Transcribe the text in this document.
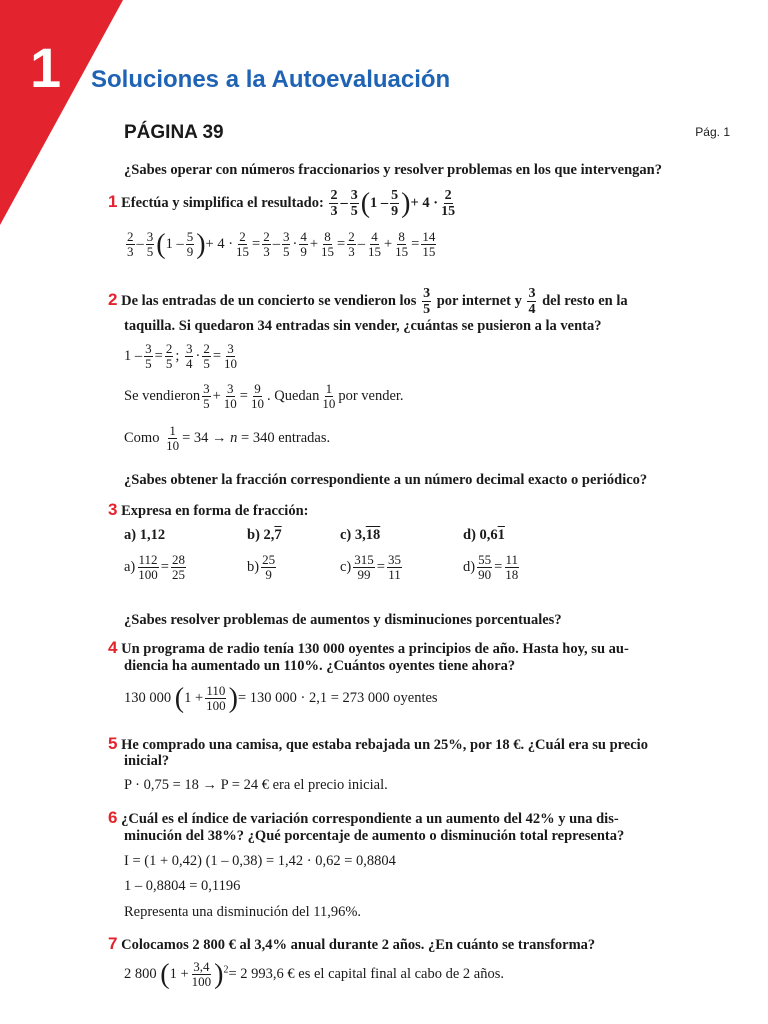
1 Soluciones a la Autoevaluación
PÁGINA 39	Pág. 1
¿Sabes operar con números fraccionarios y resolver problemas en los que intervengan?
1 Efectúa y simplifica el resultado: $\frac{2}{3} - \frac{3}{5} (1 - \frac{5}{9}$ )+ $4 \cdot \frac{2}{15}$
$\frac{2}{3} - \frac{3}{5} (1 - \frac{5}{9}$ )+ $4 \cdot \frac{2}{15} = \frac{2}{3} - \frac{3}{5} \cdot \frac{4}{9} + \frac{8}{15} = \frac{2}{3} - \frac{4}{15} + \frac{8}{15} = \frac{14}{15}$
2 De las entradas de un concierto se vendieron los $\frac{3}{5}$ por internet y $\frac{3}{4}$ del resto en la
taquilla. Si quedaron 34 entradas sin vender, ¿cuántas se pusieron a la venta?
$1 - \frac{3}{5} = \frac{2}{5}$ ; $\frac{3}{4} \cdot \frac{2}{5} = \frac{3}{10}$
Se vendieron $\frac{3}{5} + \frac{3}{10} = \frac{9}{10}$ . Quedan $\frac{1}{10}$ por vender.
Como $\frac{1}{10} = 34 \to n = 340$ entradas.
¿Sabes obtener la fracción correspondiente a un número decimal exacto o periódico?
3 Expresa en forma de fracción:
a) 1,12	b) 2,7	c) 3,18	d) 0,61
$a) \frac{112}{100} = \frac{28}{25}$	$b) \frac{25}{9}$	$c) \frac{315}{99} = \frac{35}{11}$	$d) \frac{55}{90} = \frac{11}{18}$
¿Sabes resolver problemas de aumentos y disminuciones porcentuales?
4 Un programa de radio tenía 130 000 oyentes a principios de año. Hasta hoy, su au-
diencia ha aumentado un 110%. ¿Cuántos oyentes tiene ahora?
130 000 ($1 + \frac{110}{100}$ )= 130 000 · 2,1 = 273 000 oyentes
5 He comprado una camisa, que estaba rebajada un 25%, por 18 €. ¿Cuál era su precio
inicial?
P · 0,75 = 18 → P = 24 € era el precio inicial.
6 ¿Cuál es el índice de variación correspondiente a un aumento del 42% y una dis-
minución del 38%? ¿Qué porcentaje de aumento o disminución total representa?
I = (1 + 0,42) (1 – 0,38) = 1,42 · 0,62 = 0,8804
1 – 0,8804 = 0,1196
Representa una disminución del 11,96%.
7 Colocamos 2 800 € al 3,4% anual durante 2 años. ¿En cuánto se transforma?
2 800 $(1 + \frac{3,4}{100} )^2= 2$ 993,6 € es el capital final al cabo de 2 años.
